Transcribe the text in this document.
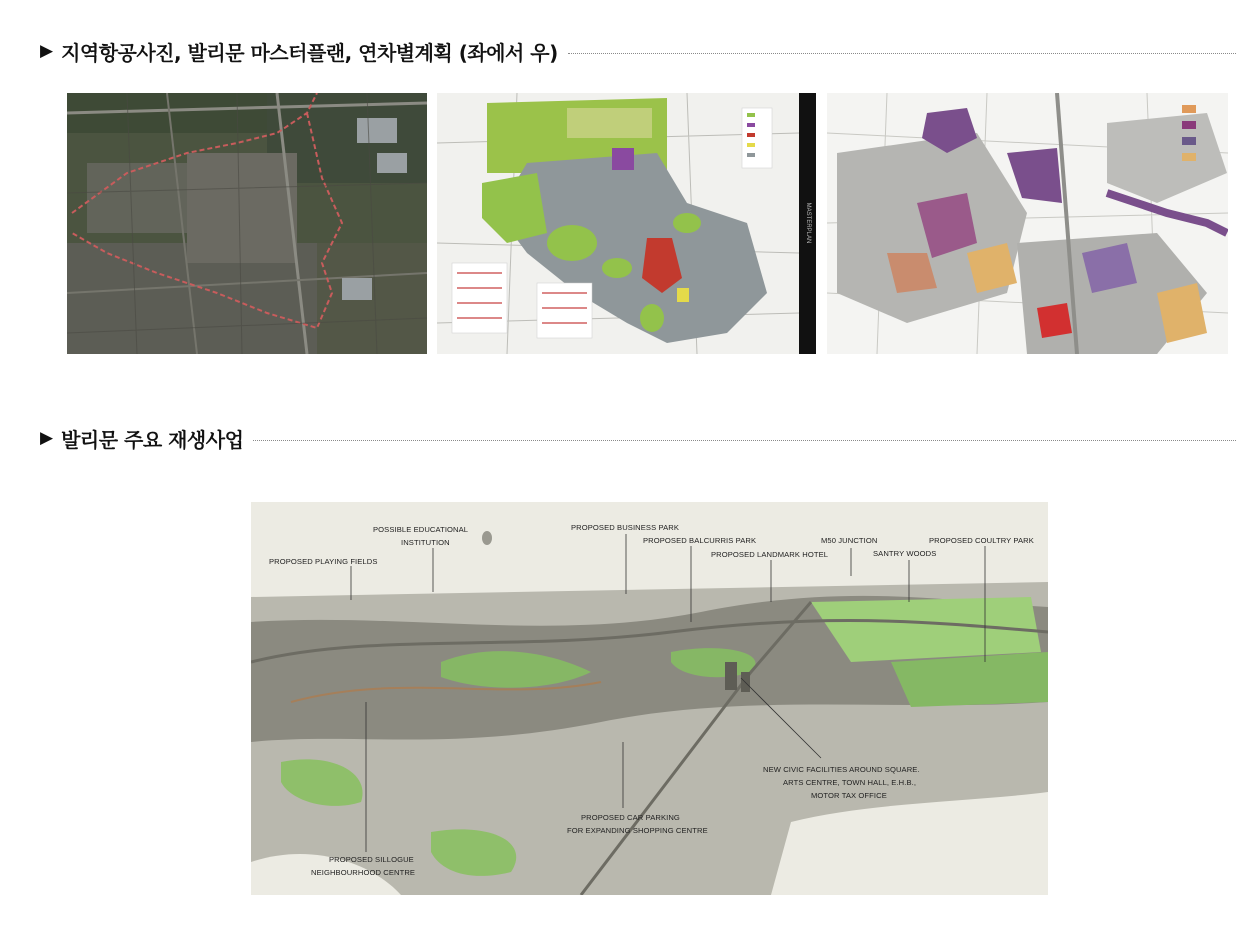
▶ 지역항공사진, 발리문 마스터플랜, 연차별계획 (좌에서 우)
MASTERPLAN
▶ 발리문 주요 재생사업
PROPOSED PLAYING FIELDS
POSSIBLE EDUCATIONAL
INSTITUTION
PROPOSED BUSINESS PARK
PROPOSED BALCURRIS PARK
PROPOSED LANDMARK HOTEL
M50 JUNCTION
SANTRY WOODS
PROPOSED COULTRY PARK
NEW CIVIC FACILITIES AROUND SQUARE.
ARTS CENTRE, TOWN HALL, E.H.B.,
MOTOR TAX OFFICE
PROPOSED CAR PARKING
FOR EXPANDING SHOPPING CENTRE
PROPOSED SILLOGUE
NEIGHBOURHOOD CENTRE
